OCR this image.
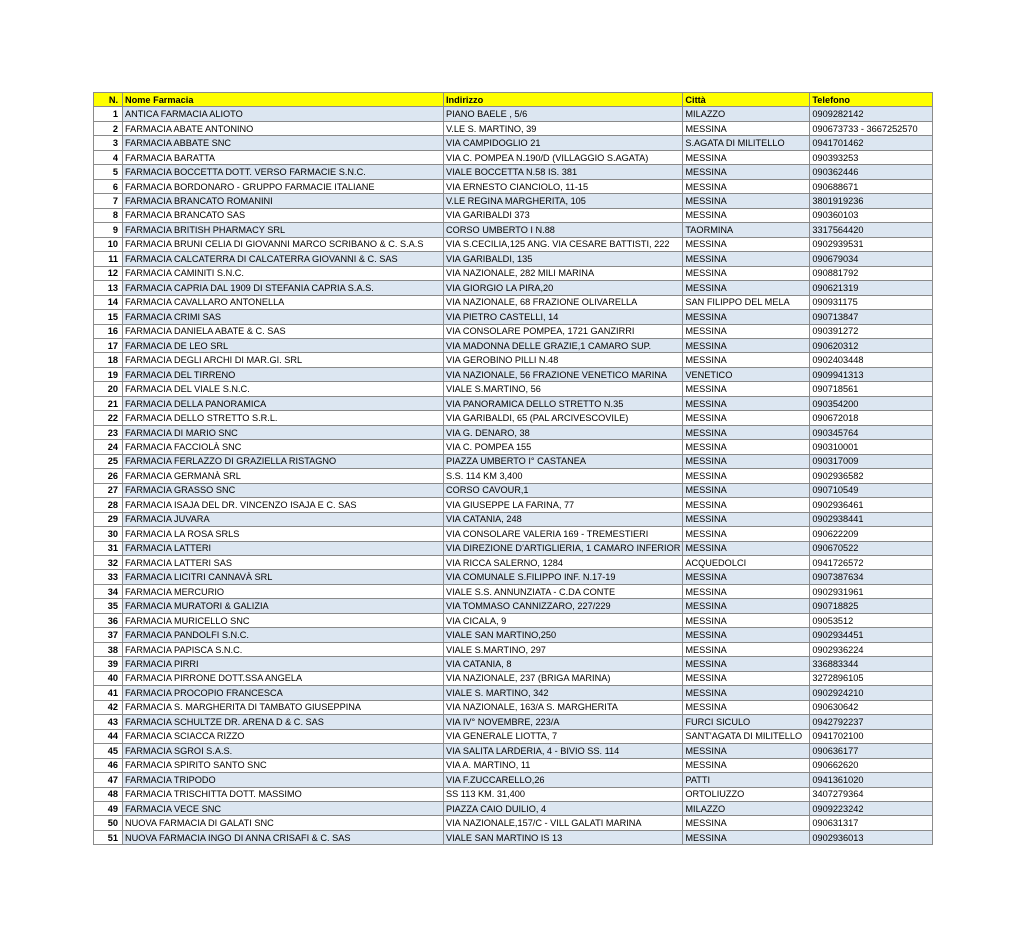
N.	Nome Farmacia	Indirizzo	Città	Telefono
1	ANTICA FARMACIA ALIOTO	PIANO BAELE , 5/6	MILAZZO	0909282142
2	FARMACIA ABATE ANTONINO	V.LE S. MARTINO, 39	MESSINA	090673733 - 3667252570
3	FARMACIA ABBATE SNC	VIA CAMPIDOGLIO 21	S.AGATA DI MILITELLO	0941701462
4	FARMACIA BARATTA	VIA C. POMPEA N.190/D (VILLAGGIO S.AGATA)	MESSINA	090393253
5	FARMACIA BOCCETTA DOTT. VERSO FARMACIE S.N.C.	VIALE BOCCETTA N.58 IS. 381	MESSINA	090362446
6	FARMACIA BORDONARO - GRUPPO FARMACIE ITALIANE	VIA ERNESTO CIANCIOLO, 11-15	MESSINA	090688671
7	FARMACIA BRANCATO ROMANINI	V.LE REGINA MARGHERITA, 105	MESSINA	3801919236
8	FARMACIA BRANCATO SAS	VIA GARIBALDI 373	MESSINA	090360103
9	FARMACIA BRITISH PHARMACY SRL	CORSO UMBERTO I N.88	TAORMINA	3317564420
10	FARMACIA BRUNI CELIA DI GIOVANNI MARCO SCRIBANO & C. S.A.S	VIA S.CECILIA,125 ANG. VIA CESARE BATTISTI, 222	MESSINA	0902939531
11	FARMACIA CALCATERRA DI CALCATERRA GIOVANNI & C. SAS	VIA GARIBALDI, 135	MESSINA	090679034
12	FARMACIA CAMINITI S.N.C.	VIA NAZIONALE, 282 MILI MARINA	MESSINA	090881792
13	FARMACIA CAPRIA DAL 1909 DI STEFANIA CAPRIA S.A.S.	VIA GIORGIO LA PIRA,20	MESSINA	090621319
14	FARMACIA CAVALLARO ANTONELLA	VIA NAZIONALE, 68 FRAZIONE OLIVARELLA	SAN FILIPPO DEL MELA	090931175
15	FARMACIA CRIMI SAS	VIA PIETRO CASTELLI, 14	MESSINA	090713847
16	FARMACIA DANIELA ABATE & C. SAS	VIA CONSOLARE POMPEA, 1721 GANZIRRI	MESSINA	090391272
17	FARMACIA DE LEO SRL	VIA MADONNA DELLE GRAZIE,1 CAMARO SUP.	MESSINA	090620312
18	FARMACIA DEGLI ARCHI DI MAR.GI. SRL	VIA GEROBINO PILLI N.48	MESSINA	0902403448
19	FARMACIA DEL TIRRENO	VIA NAZIONALE, 56 FRAZIONE VENETICO MARINA	VENETICO	0909941313
20	FARMACIA DEL VIALE S.N.C.	VIALE S.MARTINO, 56	MESSINA	090718561
21	FARMACIA DELLA PANORAMICA	VIA PANORAMICA DELLO STRETTO N.35	MESSINA	090354200
22	FARMACIA DELLO STRETTO S.R.L.	VIA GARIBALDI, 65 (PAL ARCIVESCOVILE)	MESSINA	090672018
23	FARMACIA DI MARIO SNC	VIA G. DENARO, 38	MESSINA	090345764
24	FARMACIA FACCIOLÀ SNC	VIA C. POMPEA 155	MESSINA	090310001
25	FARMACIA FERLAZZO DI GRAZIELLA RISTAGNO	PIAZZA UMBERTO I° CASTANEA	MESSINA	090317009
26	FARMACIA GERMANÀ SRL	S.S. 114 KM 3,400	MESSINA	0902936582
27	FARMACIA GRASSO SNC	CORSO CAVOUR,1	MESSINA	090710549
28	FARMACIA ISAJA DEL DR. VINCENZO ISAJA E C. SAS	VIA GIUSEPPE LA FARINA, 77	MESSINA	0902936461
29	FARMACIA JUVARA	VIA CATANIA, 248	MESSINA	0902938441
30	FARMACIA LA ROSA SRLS	VIA CONSOLARE VALERIA 169 - TREMESTIERI	MESSINA	090622209
31	FARMACIA LATTERI	VIA DIREZIONE D'ARTIGLIERIA, 1 CAMARO INFERIOR	MESSINA	090670522
32	FARMACIA LATTERI SAS	VIA RICCA SALERNO, 1284	ACQUEDOLCI	0941726572
33	FARMACIA LICITRI CANNAVÀ SRL	VIA COMUNALE S.FILIPPO INF. N.17-19	MESSINA	0907387634
34	FARMACIA MERCURIO	VIALE S.S. ANNUNZIATA - C.DA CONTE	MESSINA	0902931961
35	FARMACIA MURATORI & GALIZIA	VIA TOMMASO CANNIZZARO, 227/229	MESSINA	090718825
36	FARMACIA MURICELLO SNC	VIA CICALA, 9	MESSINA	09053512
37	FARMACIA PANDOLFI S.N.C.	VIALE SAN MARTINO,250	MESSINA	0902934451
38	FARMACIA PAPISCA S.N.C.	VIALE S.MARTINO, 297	MESSINA	0902936224
39	FARMACIA PIRRI	VIA CATANIA, 8	MESSINA	336883344
40	FARMACIA PIRRONE DOTT.SSA ANGELA	VIA NAZIONALE, 237 (BRIGA MARINA)	MESSINA	3272896105
41	FARMACIA PROCOPIO FRANCESCA	VIALE S. MARTINO, 342	MESSINA	0902924210
42	FARMACIA S. MARGHERITA DI TAMBATO GIUSEPPINA	VIA NAZIONALE, 163/A S. MARGHERITA	MESSINA	090630642
43	FARMACIA SCHULTZE DR. ARENA D & C. SAS	VIA IV° NOVEMBRE, 223/A	FURCI SICULO	0942792237
44	FARMACIA SCIACCA RIZZO	VIA GENERALE LIOTTA, 7	SANT'AGATA DI MILITELLO	0941702100
45	FARMACIA SGROI S.A.S.	VIA SALITA LARDERIA, 4 - BIVIO SS. 114	MESSINA	090636177
46	FARMACIA SPIRITO SANTO SNC	VIA A. MARTINO, 11	MESSINA	090662620
47	FARMACIA TRIPODO	VIA F.ZUCCARELLO,26	PATTI	0941361020
48	FARMACIA TRISCHITTA DOTT. MASSIMO	SS 113 KM. 31,400	ORTOLIUZZO	3407279364
49	FARMACIA VECE SNC	PIAZZA CAIO DUILIO, 4	MILAZZO	0909223242
50	NUOVA FARMACIA DI GALATI SNC	VIA NAZIONALE,157/C - VILL GALATI MARINA	MESSINA	090631317
51	NUOVA FARMACIA INGO DI ANNA CRISAFI & C. SAS	VIALE SAN MARTINO IS 13	MESSINA	0902936013
